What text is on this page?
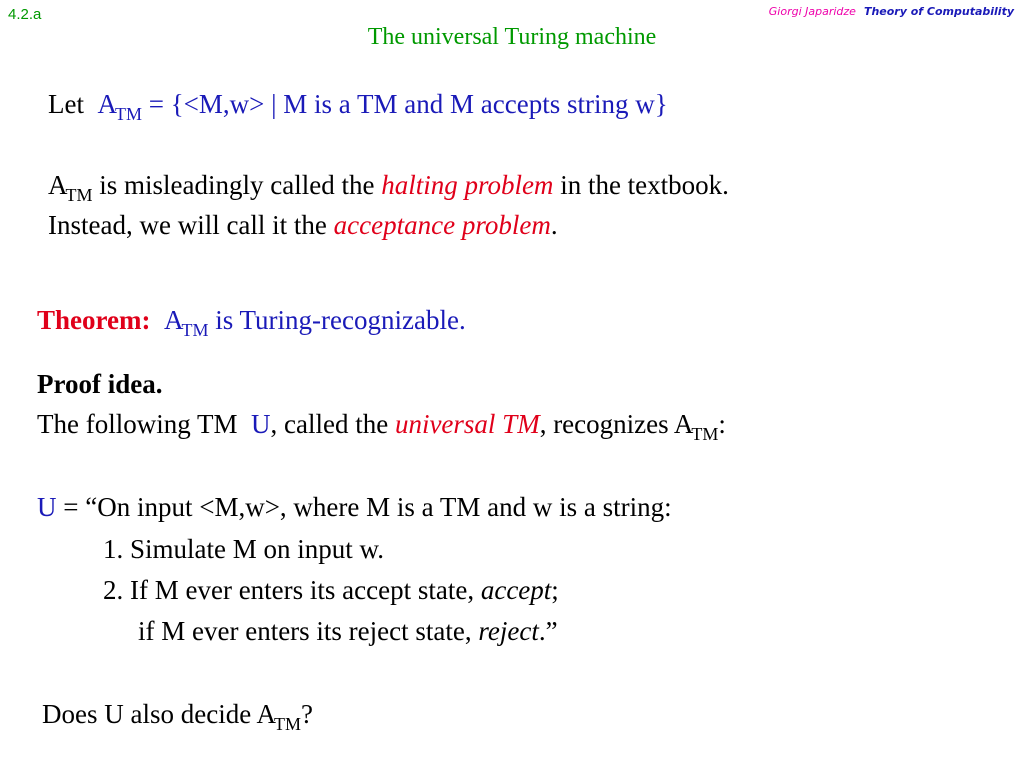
4.2.a	Giorgi Japaridze Theory of Computability
The universal Turing machine
Let $A_{TM} = \{<M,w>$ | M is a TM and M accepts string w}
$A_{TM}$ is misleadingly called the halting problem in the textbook.
Instead, we will call it the acceptance problem.
Theorem: $A_{TM}$ is Turing-recognizable.
Proof idea.
The following TM  U, called the universal TM, recognizes $A_{TM}$:
U = “On input <M,w>, where M is a TM and w is a string:
1. Simulate M on input w.
2. If M ever enters its accept state, accept;
if M ever enters its reject state, reject.”
Does U also decide $A_{TM}$?
